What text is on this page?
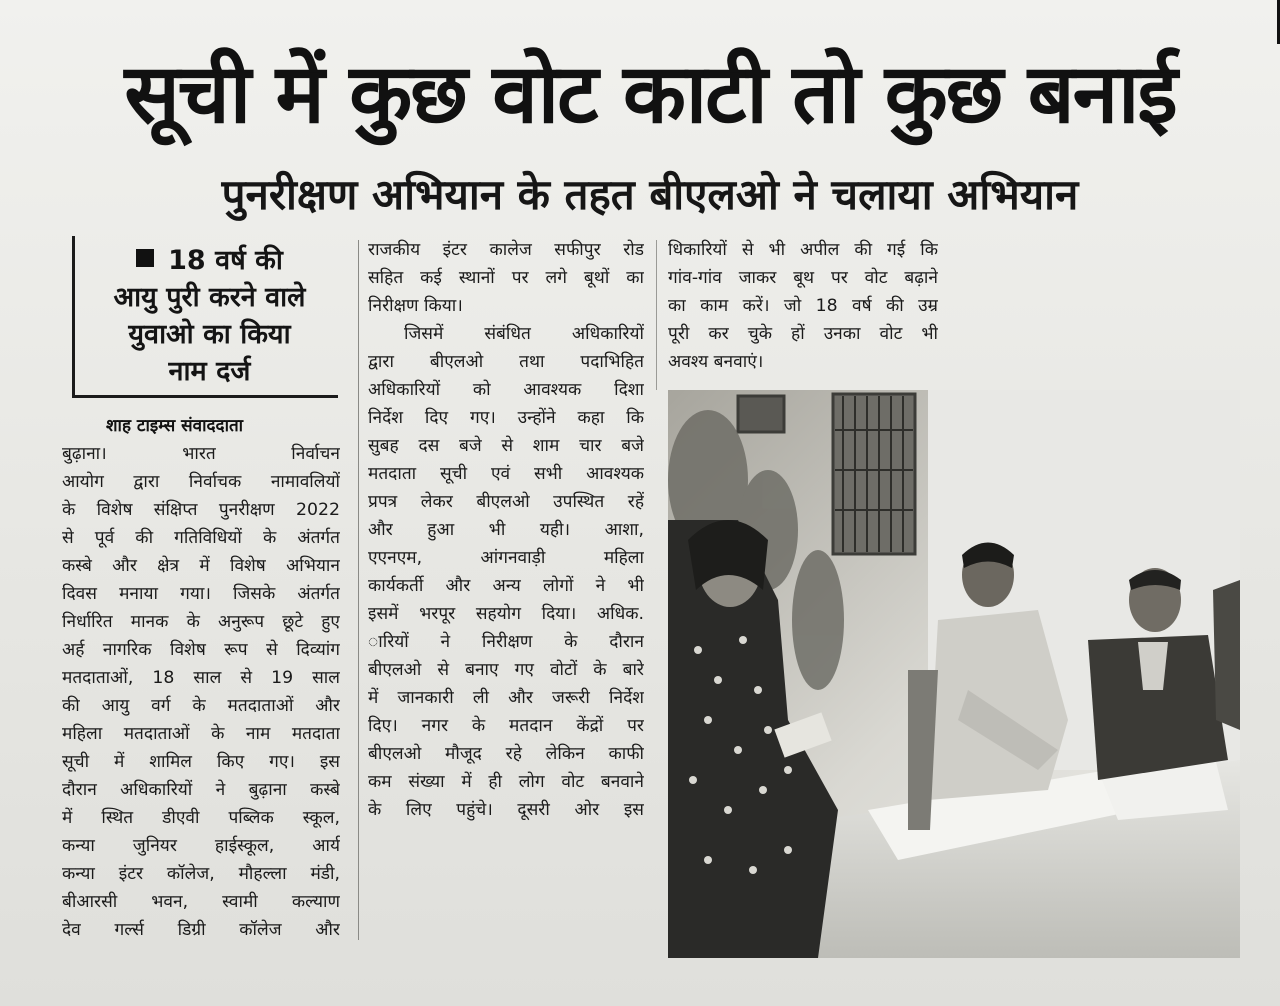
सूची में कुछ वोट काटी तो कुछ बनाई
पुनरीक्षण अभियान के तहत बीएलओ ने चलाया अभियान
18 वर्ष की
आयु पुरी करने वाले
युवाओ का किया
नाम दर्ज
शाह टाइम्स संवाददाता
बुढ़ाना। भारत निर्वाचन
आयोग द्वारा निर्वाचक नामावलियों
के विशेष संक्षिप्त पुनरीक्षण 2022
से पूर्व की गतिविधियों के अंतर्गत
कस्बे और क्षेत्र में विशेष अभियान
दिवस मनाया गया। जिसके अंतर्गत
निर्धारित मानक के अनुरूप छूटे हुए
अर्ह नागरिक विशेष रूप से दिव्यांग
मतदाताओं, 18 साल से 19 साल
की आयु वर्ग के मतदाताओं और
महिला मतदाताओं के नाम मतदाता
सूची में शामिल किए गए। इस
दौरान अधिकारियों ने बुढ़ाना कस्बे
में स्थित डीएवी पब्लिक स्कूल,
कन्या जुनियर हाईस्कूल, आर्य
कन्या इंटर कॉलेज, मौहल्ला मंडी,
बीआरसी भवन, स्वामी कल्याण
देव गर्ल्स डिग्री कॉलेज और
राजकीय इंटर कालेज सफीपुर रोड
सहित कई स्थानों पर लगे बूथों का
निरीक्षण किया।
जिसमें संबंधित अधिकारियों
द्वारा बीएलओ तथा पदाभिहित
अधिकारियों को आवश्यक दिशा
निर्देश दिए गए। उन्होंने कहा कि
सुबह दस बजे से शाम चार बजे
मतदाता सूची एवं सभी आवश्यक
प्रपत्र लेकर बीएलओ उपस्थित रहें
और हुआ भी यही। आशा,
एएनएम, आंगनवाड़ी महिला
कार्यकर्ती और अन्य लोगों ने भी
इसमें भरपूर सहयोग दिया। अधिक.
ारियों ने निरीक्षण के दौरान
बीएलओ से बनाए गए वोटों के बारे
में जानकारी ली और जरूरी निर्देश
दिए। नगर के मतदान केंद्रों पर
बीएलओ मौजूद रहे लेकिन काफी
कम संख्या में ही लोग वोट बनवाने
के लिए पहुंचे। दूसरी ओर इस
धिकारियों से भी अपील की गई कि
गांव-गांव जाकर बूथ पर वोट बढ़ाने
का काम करें। जो 18 वर्ष की उम्र
पूरी कर चुके हों उनका वोट भी
अवश्य बनवाएं।
